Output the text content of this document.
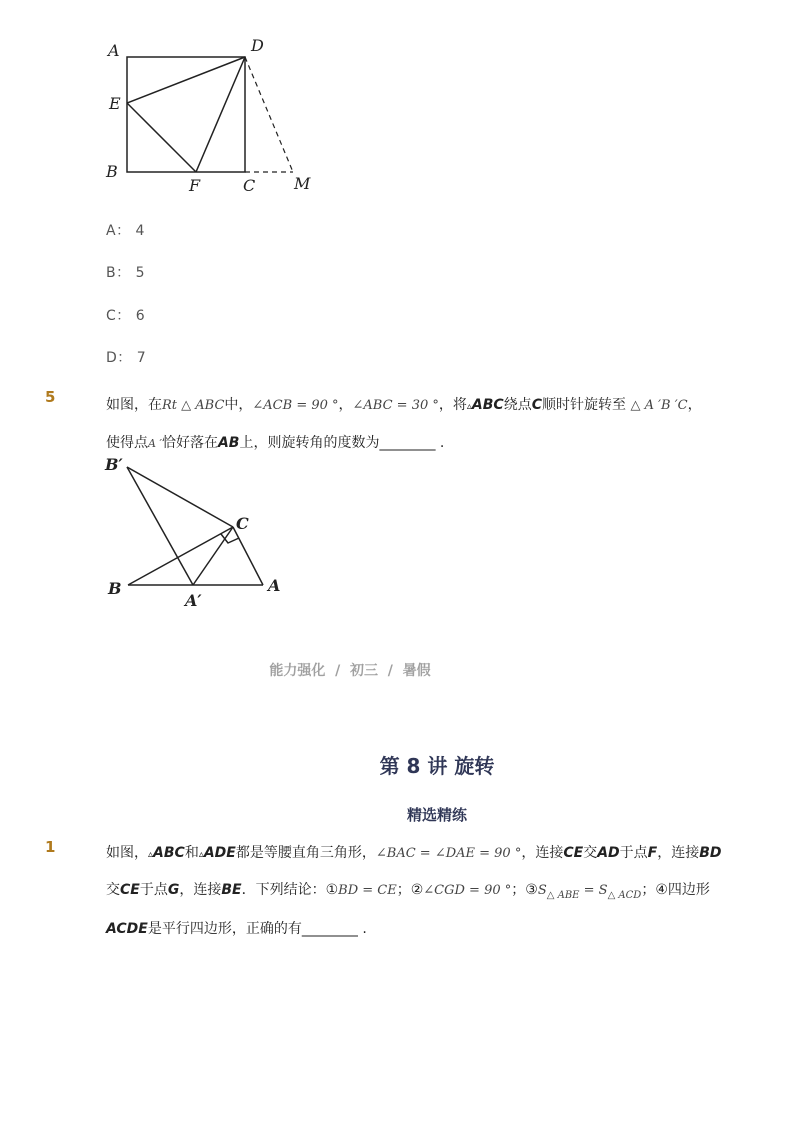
A	D
E
B
F	C M
A： 4
B： 5
C： 6
D： 7
5	如图，在Rt △ ABC中，∠ACB = 90 °，∠ABC = 30 °，将▵ABC绕点C顺时针旋转至 △ A ′B ′C，
使得点A ′恰好落在AB上，则旋转角的度数为________ .
B′
C
B
A′
A
能力强化 / 初三 / 暑假
第 8 讲 旋转
精选精练
1	如图，▵ABC和▵ADE都是等腰直角三角形，∠BAC = ∠DAE = 90 °，连接CE交AD于点F，连接BD
交CE于点G，连接BE．下列结论：①BD = CE；②∠CGD = 90 °；$③S_{\triangle ABE} = S_{\triangle ACD}$；④四边形
ACDE是平行四边形，正确的有________ .
